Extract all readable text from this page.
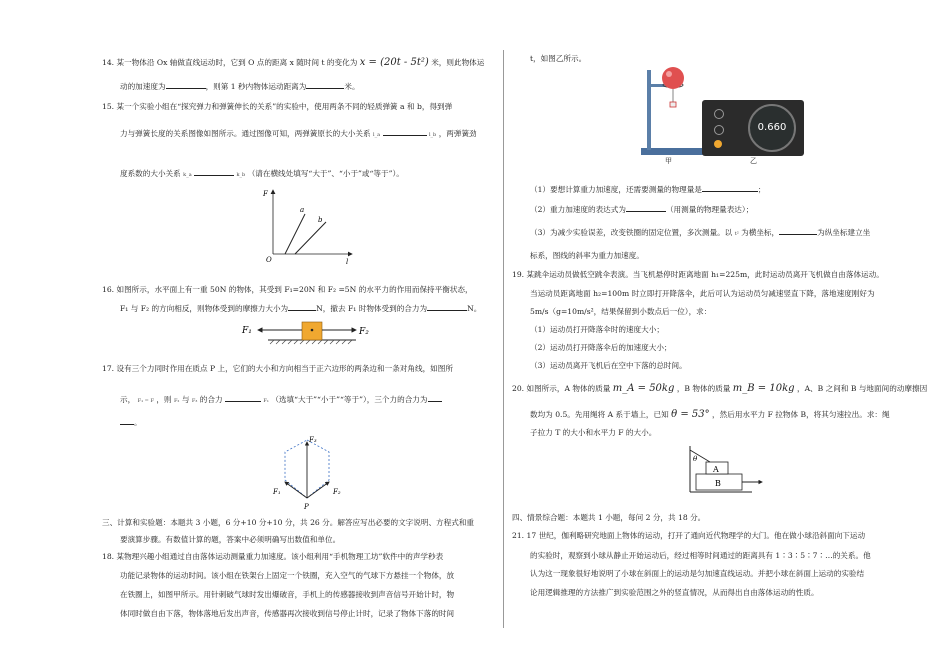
14. 某一物体沿 Ox 轴做直线运动时，它到 O 点的距离 x 随时间 t 的变化为 x = (20t - 5t²) 米，则此物体运
动的加速度为	，则第 1 秒内物体运动距离为	米。
15. 某一个实验小组在“探究弹力和弹簧伸长的关系”的实验中，使用两条不同的轻质弹簧 a 和 b，得到弹
力与弹簧长度的关系图像如图所示。通过图像可知，两弹簧原长的大小关系 l_a	l_b ，两弹簧劲
度系数的大小关系 k_a	k_b （请在横线处填写“大于”、“小于”或“等于”）。
F
O	l
a
b
16. 如图所示，水平面上有一重 50N 的物体，其受到 F₁=20N 和 F₂ =5N 的水平力的作用而保持平衡状态，
F₁ 与 F₂ 的方向相反，则物体受到的摩擦力大小为	N，撤去 F₁ 时物体受到的合力为	N。
F₁	F₂
17. 设有三个力同时作用在质点 P 上，它们的大小和方向相当于正六边形的两条边和一条对角线，如图所
示， F₁ = F ，则 F₂ 与 F₃ 的合力	F₁ （选填“大于”“小于”“等于”），三个力的合力为
。
F₃
F₁	F₂
P
三、计算和实验题：本题共 3 小题，6 分+10 分+10 分，共 26 分。解答应写出必要的文字说明、方程式和重
要演算步骤。有数值计算的题，答案中必须明确写出数值和单位。
18. 某物理兴趣小组通过自由落体运动测量重力加速度。该小组利用“手机物理工坊”软件中的声学秒表
功能记录物体的运动时间。该小组在铁架台上固定一个铁圈，充入空气的气球下方悬挂一个物体，放
在铁圈上，如图甲所示。用针刺破气球时发出爆破音，手机上的传感器接收到声音信号开始计时，物
体同时做自由下落，物体落地后发出声音，传感器再次接收到信号停止计时，记录了物体下落的时间
t，如图乙所示。
甲
0.660
乙
（1）要想计算重力加速度，还需要测量的物理量是	；
（2）重力加速度的表达式为	（用测量的物理量表达）；
（3）为减少实验误差，改变铁圈的固定位置，多次测量。以 t² 为横坐标，	为纵坐标建立坐
标系，图线的斜率为重力加速度。
19. 某跳伞运动员做低空跳伞表演。当飞机悬停时距离地面 h₁=225m，此时运动员离开飞机做自由落体运动。
当运动员距离地面 h₂=100m 时立即打开降落伞，此后可认为运动员匀减速竖直下降，落地速度刚好为
5m/s（g=10m/s²，结果保留到小数点后一位），求：
（1）运动员打开降落伞时的速度大小；
（2）运动员打开降落伞后的加速度大小；
（3）运动员离开飞机后在空中下落的总时间。
20. 如图所示，A 物体的质量 m_A = 50kg ，B 物体的质量 m_B = 10kg ，A、B 之间和 B 与地面间的动摩擦因
数均为 0.5。先用绳将 A 系于墙上，已知 θ = 53° ，然后用水平力 F 拉物体 B，将其匀速拉出。求：绳
子拉力 T 的大小和水平力 F 的大小。
A
B
θ
四、情景综合题：本题共 1 小题，每问 2 分，共 18 分。
21. 17 世纪，伽利略研究地面上物体的运动，打开了通向近代物理学的大门。他在做小球沿斜面向下运动
的实验时，观察到小球从静止开始运动后，经过相等时间通过的距离具有 1∶3∶5∶7∶…的关系。他
认为这一现象很好地说明了小球在斜面上的运动是匀加速直线运动。并把小球在斜面上运动的实验结
论用逻辑推理的方法推广到实验范围之外的竖直情况，从而得出自由落体运动的性质。
